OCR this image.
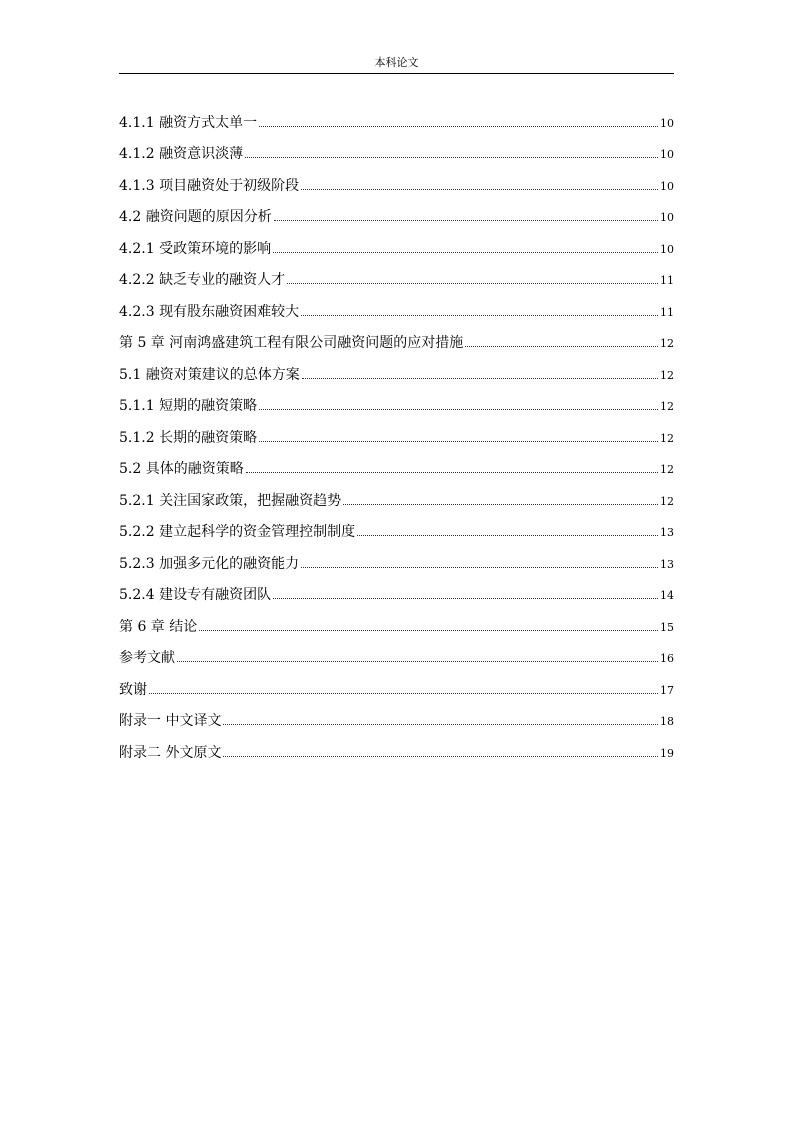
本科论文
4.1.1 融资方式太单一	10
4.1.2 融资意识淡薄	10
4.1.3 项目融资处于初级阶段	10
4.2 融资问题的原因分析	10
4.2.1 受政策环境的影响	10
4.2.2 缺乏专业的融资人才	11
4.2.3 现有股东融资困难较大	11
第 5 章 河南鸿盛建筑工程有限公司融资问题的应对措施	12
5.1 融资对策建议的总体方案	12
5.1.1 短期的融资策略	12
5.1.2 长期的融资策略	12
5.2 具体的融资策略	12
5.2.1 关注国家政策，把握融资趋势	12
5.2.2 建立起科学的资金管理控制制度	13
5.2.3 加强多元化的融资能力	13
5.2.4 建设专有融资团队	14
第 6 章 结论	15
参考文献	16
致谢	17
附录一 中文译文	18
附录二 外文原文	19
